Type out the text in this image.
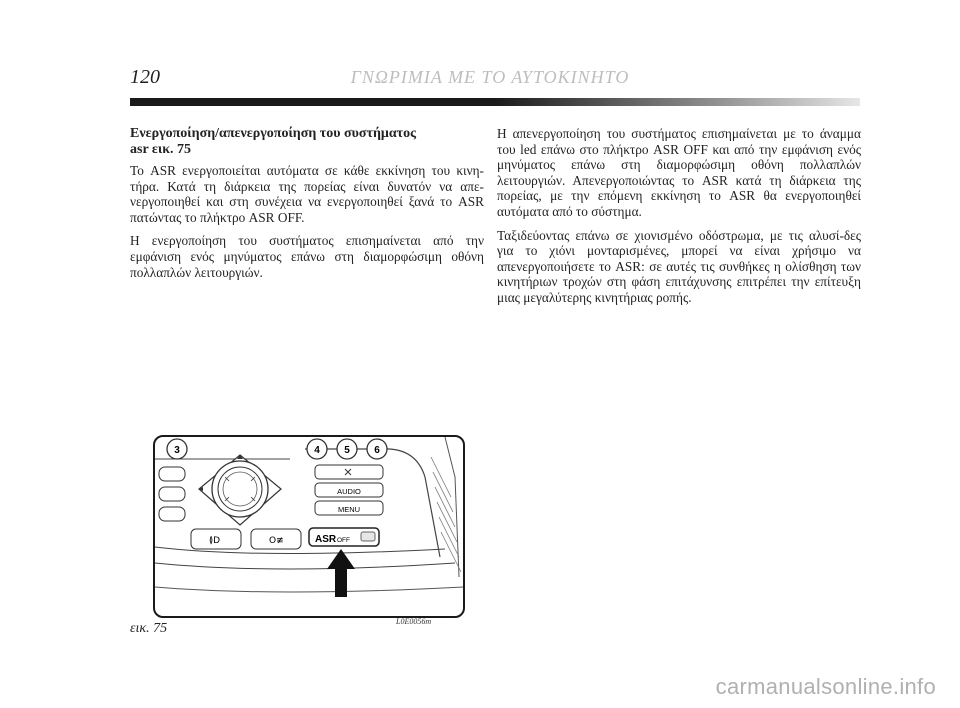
120	ΓΝΩΡΙΜΙΑ ΜΕ ΤΟ ΑΥΤΟΚΙΝΗΤΟ
Ενεργοποίηση/απενεργοποίηση του συστήματος
asr εικ. 75

Το ASR ενεργοποιείται αυτόματα σε κάθε εκκίνηση του κινη-τήρα. Κατά τη διάρκεια της πορείας είναι δυνατόν να απε-νεργοποιηθεί και στη συνέχεια να ενεργοποιηθεί ξανά το ASR πατώντας το πλήκτρο ASR OFF.

Η ενεργοποίηση του συστήματος επισημαίνεται από την εμφάνιση ενός μηνύματος επάνω στη διαμορφώσιμη οθόνη πολλαπλών λειτουργιών.

Η απενεργοποίηση του συστήματος επισημαίνεται με το άναμμα του led επάνω στο πλήκτρο ASR OFF και από την εμφάνιση ενός μηνύματος επάνω στη διαμορφώσιμη οθόνη πολλαπλών λειτουργιών. Απενεργοποιώντας το ASR κατά τη διάρκεια της πορείας, με την επόμενη εκκίνηση το ASR θα ενεργοποιηθεί αυτόματα από το σύστημα.

Ταξιδεύοντας επάνω σε χιονισμένο οδόστρωμα, με τις αλυσί-δες για το χιόνι μονταρισμένες, μπορεί να είναι χρήσιμο να απενεργοποιήσετε το ASR: σε αυτές τις συνθήκες η ολίσθηση των κινητήριων τροχών στη φάση επιτάχυνσης επιτρέπει την επίτευξη μιας μεγαλύτερης κινητήριας ροπής.

3	4 5 6
AUDIO
MENU
≬D	O≢	ASR OFF
εικ. 75	L0E0056m
carmanualsonline.info
